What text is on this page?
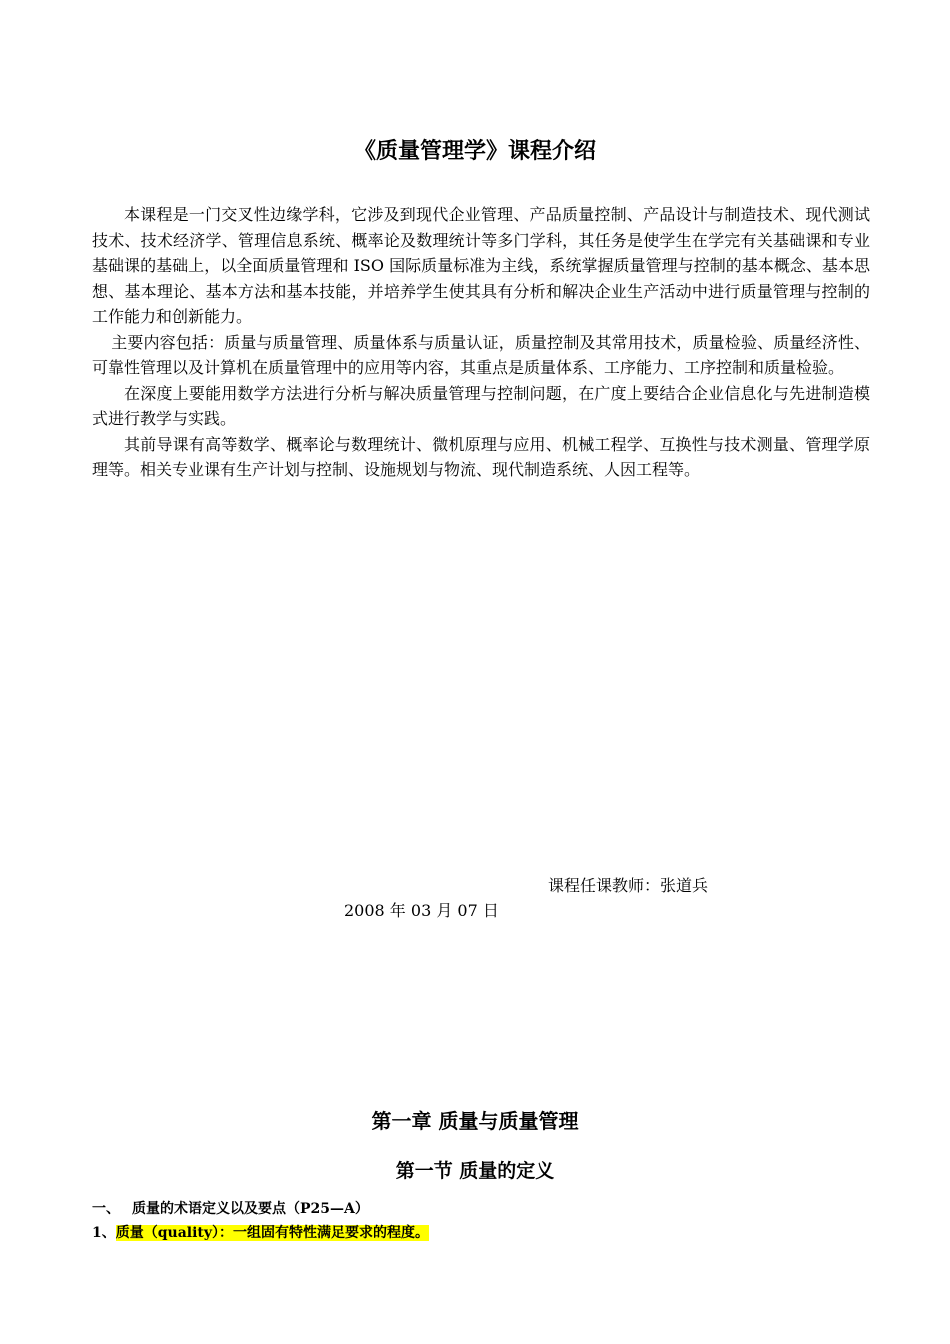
《质量管理学》课程介绍

本课程是一门交叉性边缘学科，它涉及到现代企业管理、产品质量控制、产品设计与制造技术、现代测试技术、技术经济学、管理信息系统、概率论及数理统计等多门学科，其任务是使学生在学完有关基础课和专业基础课的基础上，以全面质量管理和 ISO 国际质量标准为主线，系统掌握质量管理与控制的基本概念、基本思想、基本理论、基本方法和基本技能，并培养学生使其具有分析和解决企业生产活动中进行质量管理与控制的工作能力和创新能力。

主要内容包括：质量与质量管理、质量体系与质量认证，质量控制及其常用技术，质量检验、质量经济性、可靠性管理以及计算机在质量管理中的应用等内容，其重点是质量体系、工序能力、工序控制和质量检验。

在深度上要能用数学方法进行分析与解决质量管理与控制问题，在广度上要结合企业信息化与先进制造模式进行教学与实践。

其前导课有高等数学、概率论与数理统计、微机原理与应用、机械工程学、互换性与技术测量、管理学原理等。相关专业课有生产计划与控制、设施规划与物流、现代制造系统、人因工程等。

课程任课教师：张道兵
2008 年 03 月 07 日
第一章 质量与质量管理
第一节 质量的定义
一、 质量的术语定义以及要点（P25—A）
1、质量（quality）：一组固有特性满足要求的程度。
